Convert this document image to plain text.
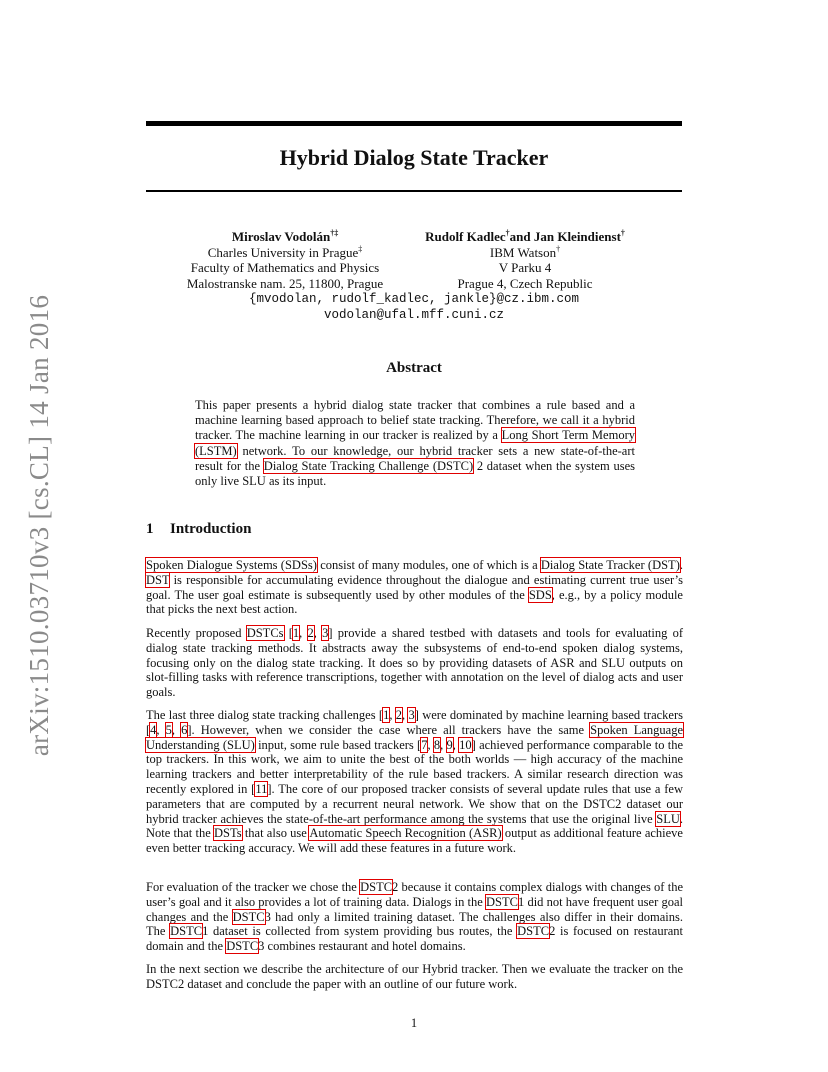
arXiv:1510.03710v3 [cs.CL] 14 Jan 2016
Hybrid Dialog State Tracker
Miroslav Vodolán†‡
Charles University in Prague‡
Faculty of Mathematics and Physics
Malostranske nam. 25, 11800, Prague
Rudolf Kadlec†and Jan Kleindienst†
IBM Watson†
V Parku 4
Prague 4, Czech Republic
{mvodolan, rudolf_kadlec, jankle}@cz.ibm.com
vodolan@ufal.mff.cuni.cz
Abstract

This paper presents a hybrid dialog state tracker that combines a rule based and a machine learning based approach to belief state tracking. Therefore, we call it a hybrid tracker. The machine learning in our tracker is realized by a Long Short Term Memory (LSTM) network. To our knowledge, our hybrid tracker sets a new state-of-the-art result for the Dialog State Tracking Challenge (DSTC) 2 dataset when the system uses only live SLU as its input.

1 Introduction

Spoken Dialogue Systems (SDSs) consist of many modules, one of which is a Dialog State Tracker (DST). DST is responsible for accumulating evidence throughout the dialogue and estimating current true user’s goal. The user goal estimate is subsequently used by other modules of the SDS, e.g., by a policy module that picks the next best action.

Recently proposed DSTCs [1, 2, 3] provide a shared testbed with datasets and tools for evaluating of dialog state tracking methods. It abstracts away the subsystems of end-to-end spoken dialog systems, focusing only on the dialog state tracking. It does so by providing datasets of ASR and SLU outputs on slot-filling tasks with reference transcriptions, together with annotation on the level of dialog acts and user goals.

The last three dialog state tracking challenges [1, 2, 3] were dominated by machine learning based trackers [4, 5, 6]. However, when we consider the case where all trackers have the same Spoken Language Understanding (SLU) input, some rule based trackers [7, 8, 9, 10] achieved performance comparable to the top trackers. In this work, we aim to unite the best of the both worlds — high accuracy of the machine learning trackers and better interpretability of the rule based trackers. A similar research direction was recently explored in [11]. The core of our proposed tracker consists of several update rules that use a few parameters that are computed by a recurrent neural network. We show that on the DSTC2 dataset our hybrid tracker achieves the state-of-the-art performance among the systems that use the original live SLU. Note that the DSTs that also use Automatic Speech Recognition (ASR) output as additional feature achieve even better tracking accuracy. We will add these features in a future work.

For evaluation of the tracker we chose the DSTC2 because it contains complex dialogs with changes of the user’s goal and it also provides a lot of training data. Dialogs in the DSTC1 did not have frequent user goal changes and the DSTC3 had only a limited training dataset. The challenges also differ in their domains. The DSTC1 dataset is collected from system providing bus routes, the DSTC2 is focused on restaurant domain and the DSTC3 combines restaurant and hotel domains.

In the next section we describe the architecture of our Hybrid tracker. Then we evaluate the tracker on the DSTC2 dataset and conclude the paper with an outline of our future work.

1
